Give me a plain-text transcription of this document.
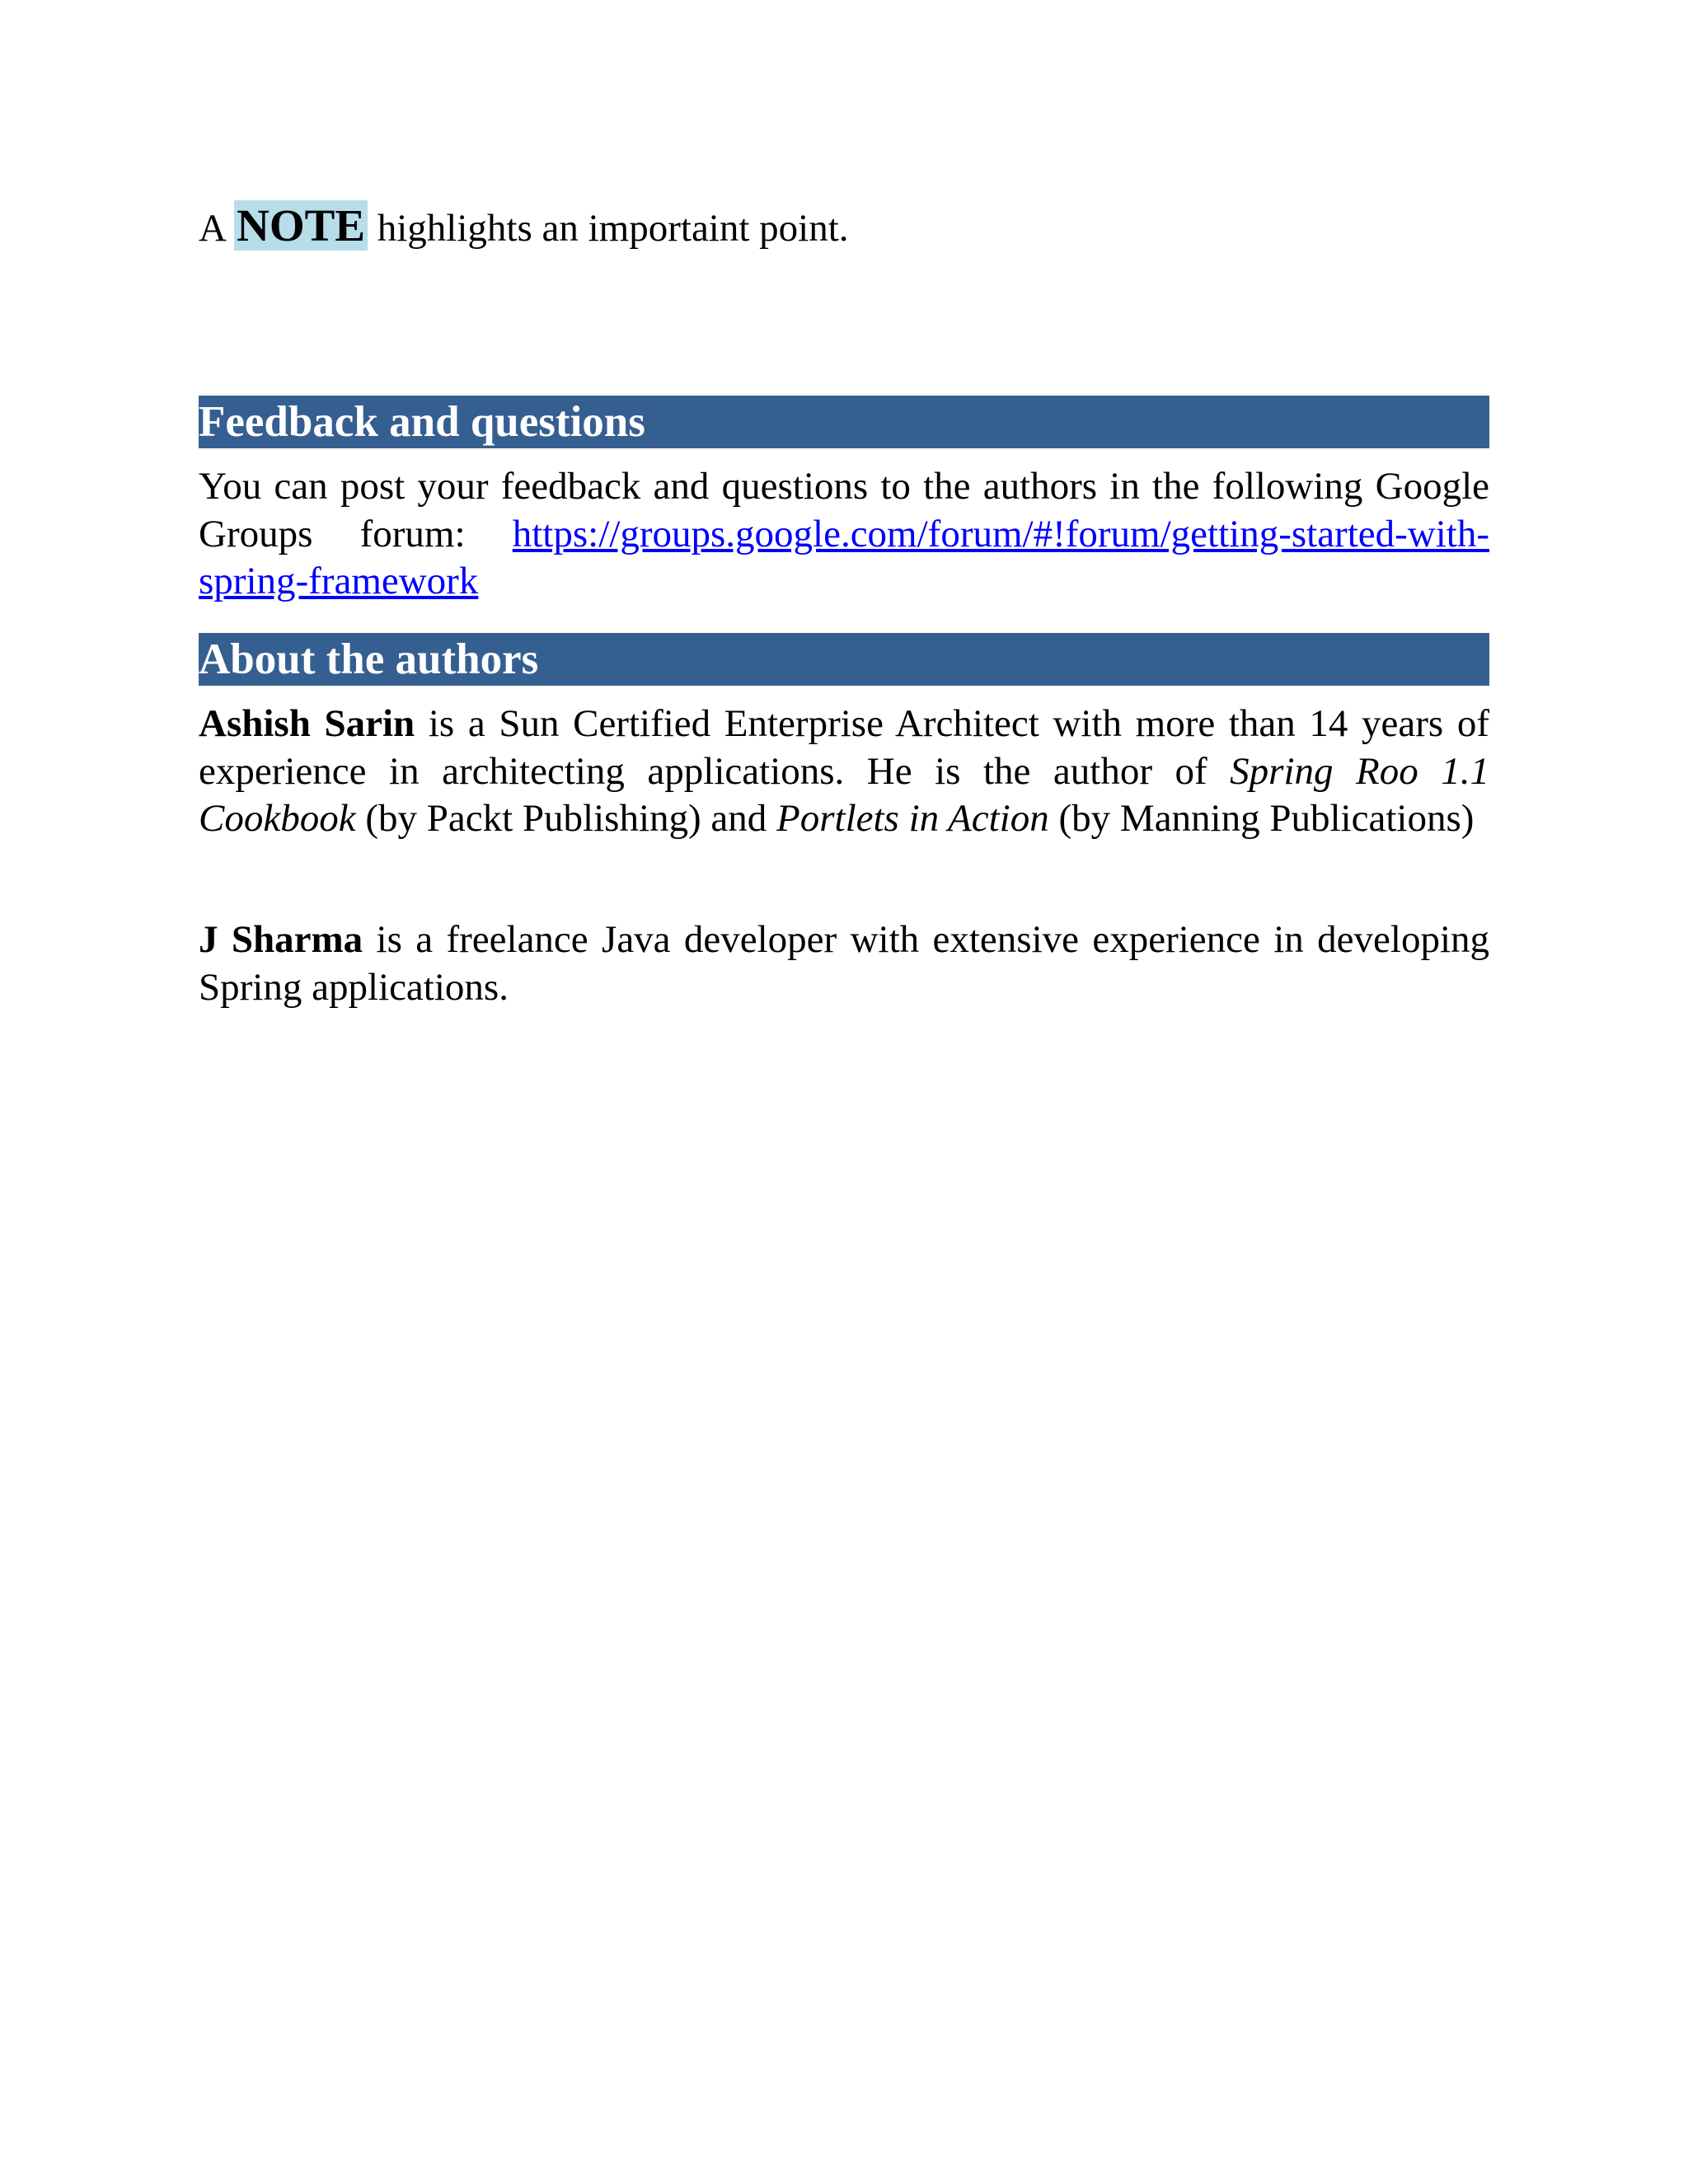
A NOTE highlights an importaint point.
Feedback and questions

You can post your feedback and questions to the authors in the following Google Groups forum: https://groups.google.com/forum/#!forum/getting-started-with-spring-framework

About the authors

Ashish Sarin is a Sun Certified Enterprise Architect with more than 14 years of experience in architecting applications. He is the author of Spring Roo 1.1 Cookbook (by Packt Publishing) and Portlets in Action (by Manning Publications)

J Sharma is a freelance Java developer with extensive experience in developing Spring applications.
